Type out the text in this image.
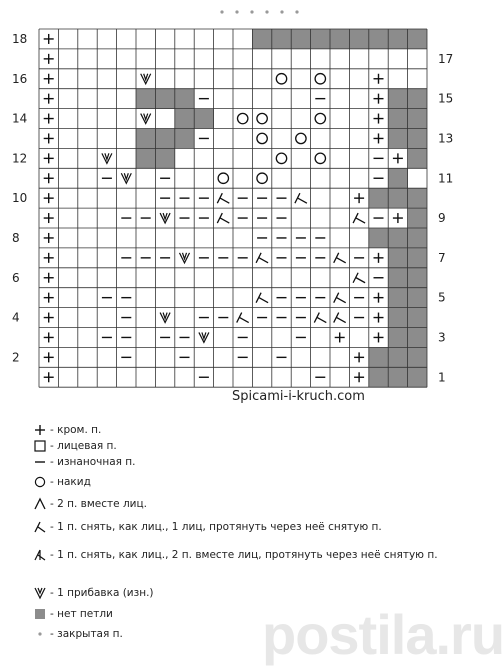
2
4
6
8
10
12
14
16
18
1
3
5
7
9
11
13
15
17
Spicami-i-kruch.com
- кром. п.
- лицевая п.
- изнаночная п.
- накид
- 2 п. вместе лиц.
- 1 п. снять, как лиц., 1 лиц, протянуть через неё снятую п.
- 1 п. снять, как лиц., 2 п. вместе лиц, протянуть через неё снятую п.
- 1 прибавка (изн.)
- нет петли
- закрытая п.	postila.ru
